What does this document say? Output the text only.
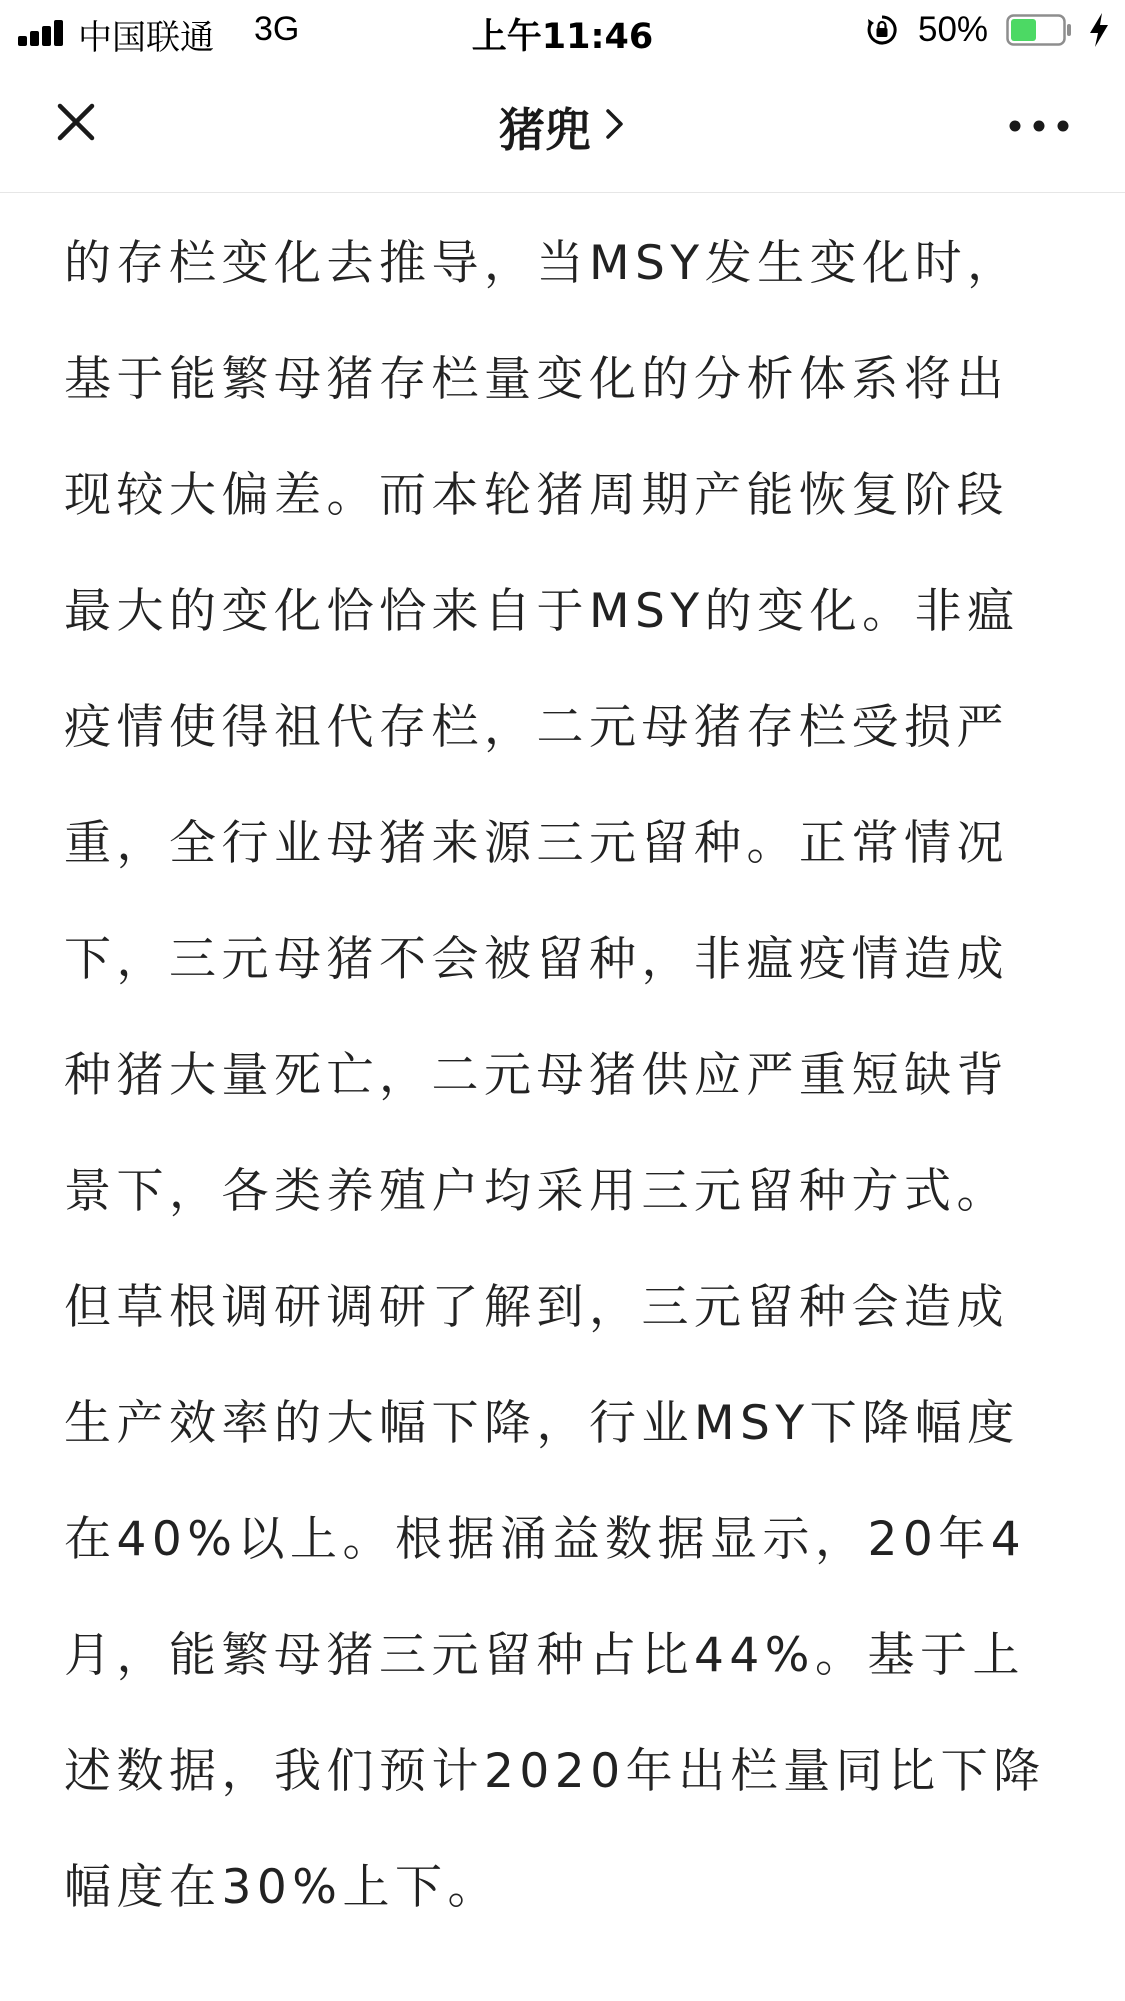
中国联通 3G	上午11:46	50%
猪兜
的存栏变化去推导，当MSY发生变化时，
基于能繁母猪存栏量变化的分析体系将出
现较大偏差。而本轮猪周期产能恢复阶段
最大的变化恰恰来自于MSY的变化。非瘟
疫情使得祖代存栏，二元母猪存栏受损严
重，全行业母猪来源三元留种。正常情况
下，三元母猪不会被留种，非瘟疫情造成
种猪大量死亡，二元母猪供应严重短缺背
景下，各类养殖户均采用三元留种方式。
但草根调研调研了解到，三元留种会造成
生产效率的大幅下降，行业MSY下降幅度
在40%以上。根据涌益数据显示，20年4
月，能繁母猪三元留种占比44%。基于上
述数据，我们预计2020年出栏量同比下降
幅度在30%上下。
